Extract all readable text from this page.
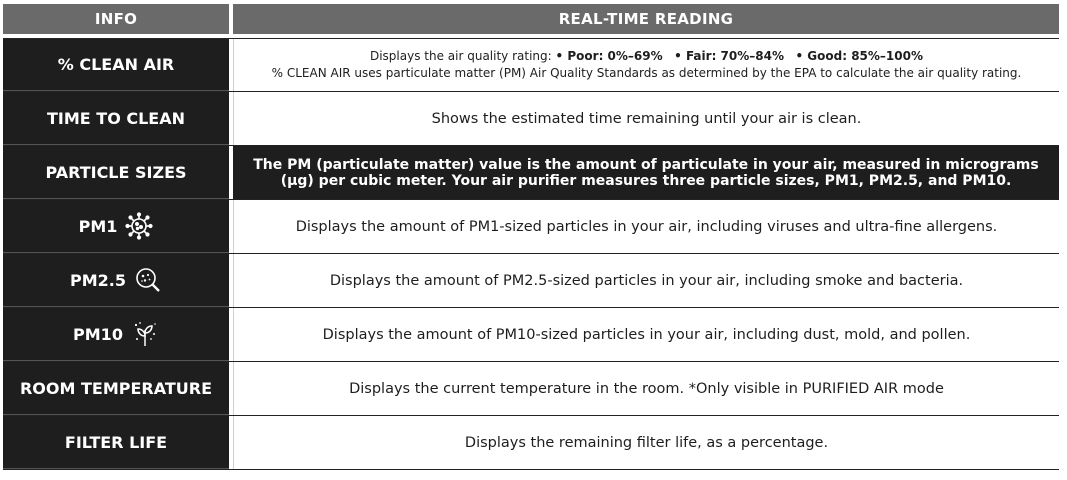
INFO	REAL-TIME READING
% CLEAN AIR	Displays the air quality rating: • Poor: 0%–69% • Fair: 70%–84% • Good: 85%–100%
% CLEAN AIR uses particulate matter (PM) Air Quality Standards as determined by the EPA to calculate the air quality rating.
TIME TO CLEAN	Shows the estimated time remaining until your air is clean.
PARTICLE SIZES	The PM (particulate matter) value is the amount of particulate in your air, measured in micrograms
(µg) per cubic meter. Your air purifier measures three particle sizes, PM1, PM2.5, and PM10.
PM1	Displays the amount of PM1-sized particles in your air, including viruses and ultra-fine allergens.
PM2.5	Displays the amount of PM2.5-sized particles in your air, including smoke and bacteria.
PM10	Displays the amount of PM10-sized particles in your air, including dust, mold, and pollen.
ROOM TEMPERATURE	Displays the current temperature in the room. *Only visible in PURIFIED AIR mode
FILTER LIFE	Displays the remaining filter life, as a percentage.
